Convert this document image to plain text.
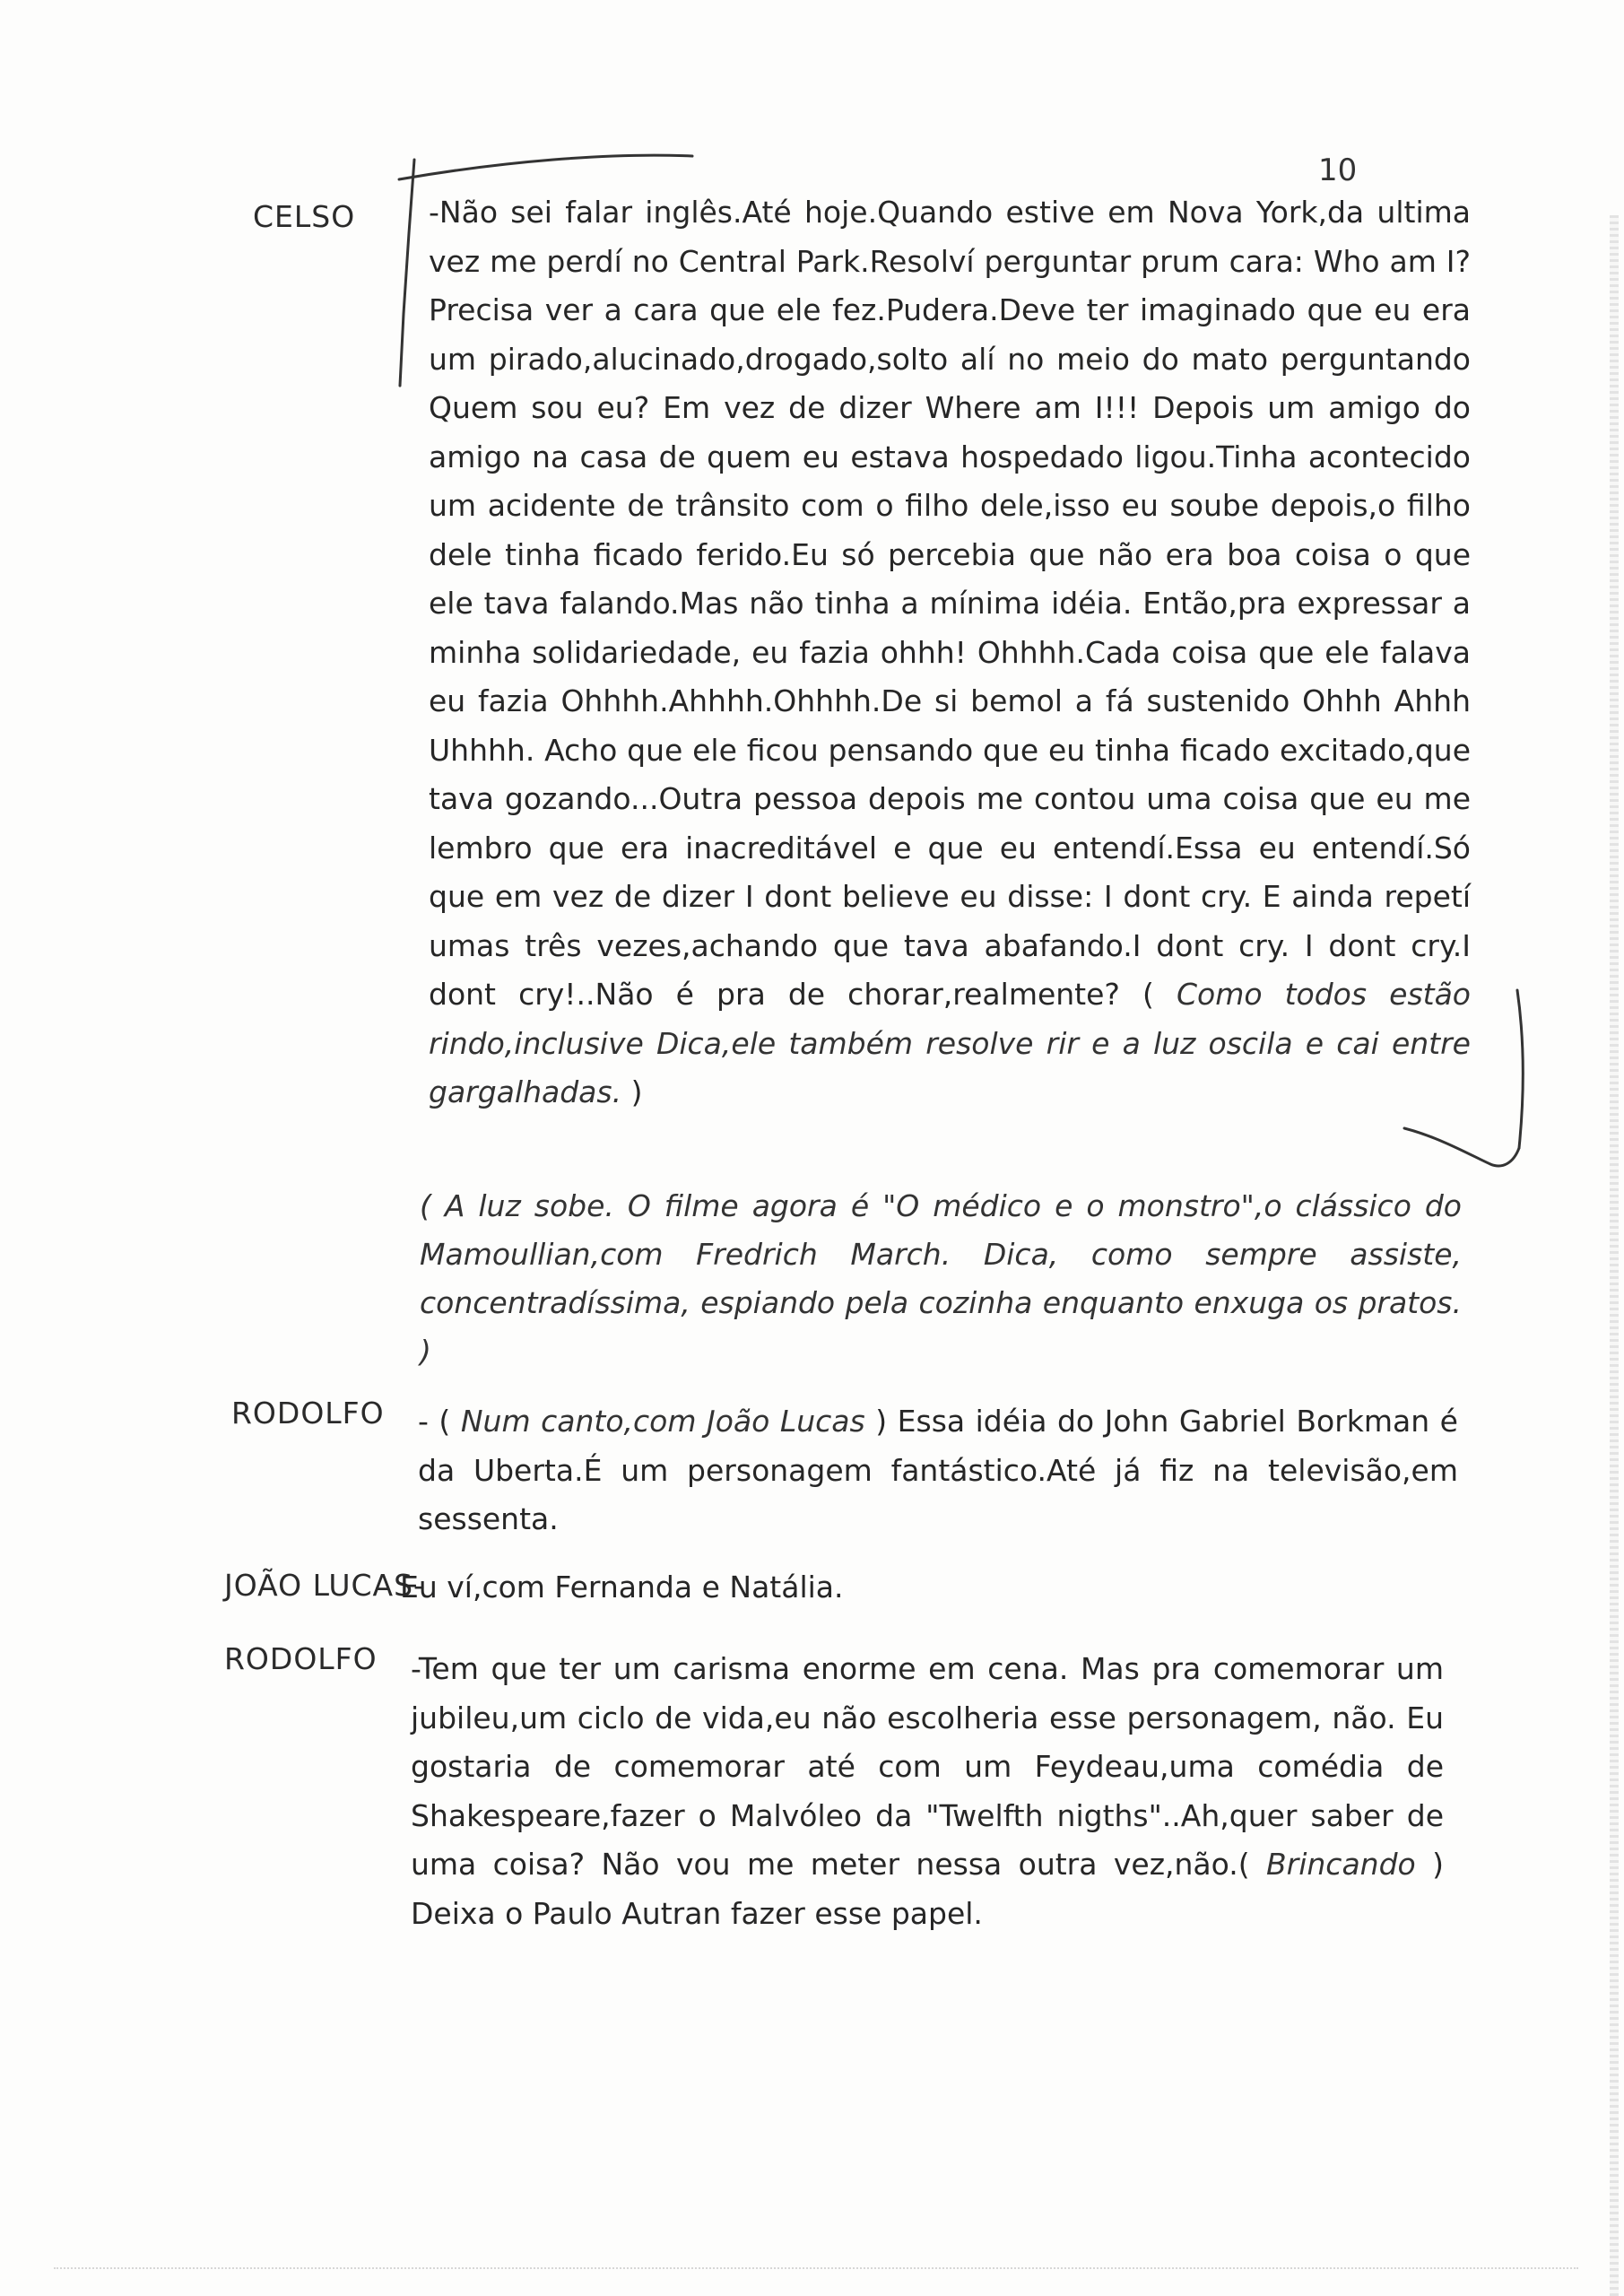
10
CELSO -Não sei falar inglês.Até hoje.Quando estive em Nova York,da ultima vez me perdí no Central Park.Resolví perguntar prum cara: Who am I? Precisa ver a cara que ele fez.Pudera.Deve ter imaginado que eu era um pirado,alucinado,drogado,solto alí no meio do mato perguntando Quem sou eu? Em vez de dizer Where am I!!! Depois um amigo do amigo na casa de quem eu estava hospedado ligou.Tinha acontecido um acidente de trânsito com o filho dele,isso eu soube depois,o filho dele tinha ficado ferido.Eu só percebia que não era boa coisa o que ele tava falando.Mas não tinha a mínima idéia. Então,pra expressar a minha solidariedade, eu fazia ohhh! Ohhhh.Cada coisa que ele falava eu fazia Ohhhh.Ahhhh.Ohhhh.De si bemol a fá sustenido Ohhh Ahhh Uhhhh. Acho que ele ficou pensando que eu tinha ficado excitado,que tava gozando...Outra pessoa depois me contou uma coisa que eu me lembro que era inacreditável e que eu entendí.Essa eu entendí.Só que em vez de dizer I dont believe eu disse: I dont cry. E ainda repetí umas três vezes,achando que tava abafando.I dont cry. I dont cry.I dont cry!..Não é pra de chorar,realmente? ( Como todos estão rindo,inclusive Dica,ele também resolve rir e a luz oscila e cai entre gargalhadas. )
( A luz sobe. O filme agora é "O médico e o monstro",o clássico do Mamoullian,com Fredrich March. Dica, como sempre assiste, concentradíssima, espiando pela cozinha enquanto enxuga os pratos. )
RODOLFO - ( Num canto,com João Lucas ) Essa idéia do John Gabriel Borkman é da Uberta.É um personagem fantástico.Até já fiz na televisão,em sessenta.
JOÃO LUCAS-
Eu ví,com Fernanda e Natália.
RODOLFO -Tem que ter um carisma enorme em cena. Mas pra comemorar um jubileu,um ciclo de vida,eu não escolheria esse personagem, não. Eu gostaria de comemorar até com um Feydeau,uma comédia de Shakespeare,fazer o Malvóleo da "Twelfth nigths"..Ah,quer saber de uma coisa? Não vou me meter nessa outra vez,não.( Brincando ) Deixa o Paulo Autran fazer esse papel.
